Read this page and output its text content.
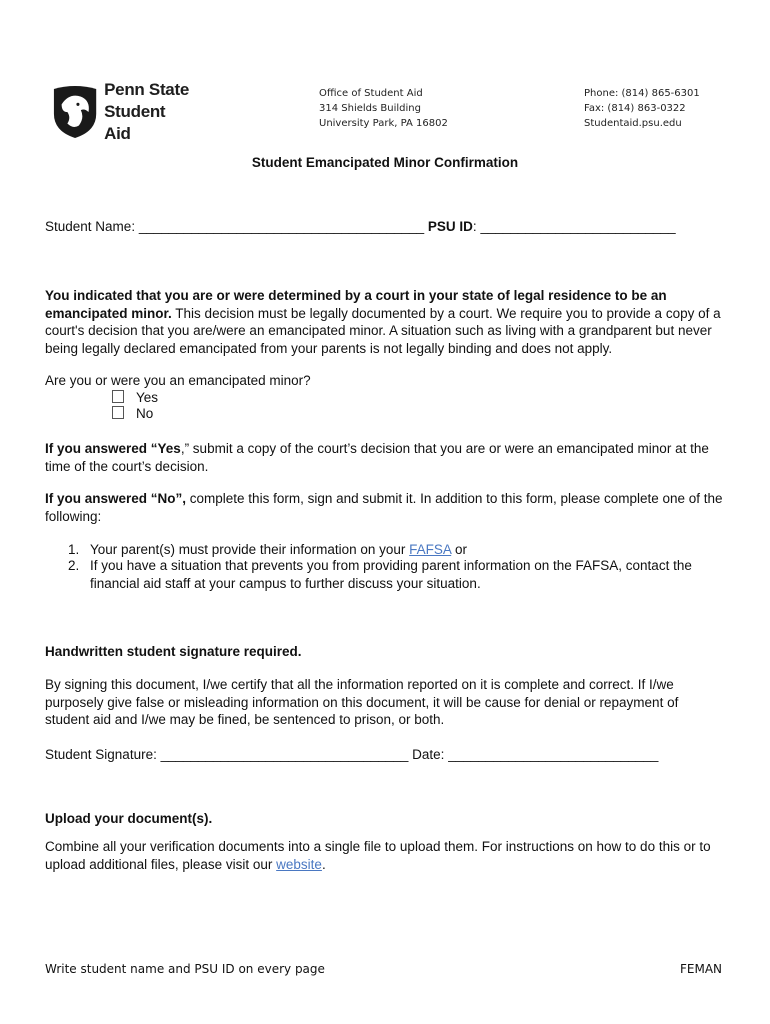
Penn State
Student Aid
Office of Student Aid
314 Shields Building
University Park, PA 16802
Phone: (814) 865-6301
Fax: (814) 863-0322
Studentaid.psu.edu
Student Emancipated Minor Confirmation
Student Name: ______________________________________ PSU ID: __________________________
You indicated that you are or were determined by a court in your state of legal residence to be an emancipated minor. This decision must be legally documented by a court. We require you to provide a copy of a court's decision that you are/were an emancipated minor. A situation such as living with a grandparent but never being legally declared emancipated from your parents is not legally binding and does not apply.
Are you or were you an emancipated minor?
Yes
No
If you answered “Yes,” submit a copy of the court’s decision that you are or were an emancipated minor at the time of the court’s decision.
If you answered “No”, complete this form, sign and submit it. In addition to this form, please complete one of the following:
1. Your parent(s) must provide their information on your FAFSA or
2. If you have a situation that prevents you from providing parent information on the FAFSA, contact the financial aid staff at your campus to further discuss your situation.
Handwritten student signature required.
By signing this document, I/we certify that all the information reported on it is complete and correct. If I/we purposely give false or misleading information on this document, it will be cause for denial or repayment of student aid and I/we may be fined, be sentenced to prison, or both.
Student Signature: _________________________________ Date: ____________________________
Upload your document(s).
Combine all your verification documents into a single file to upload them. For instructions on how to do this or to upload additional files, please visit our website.
Write student name and PSU ID on every page	FEMAN
